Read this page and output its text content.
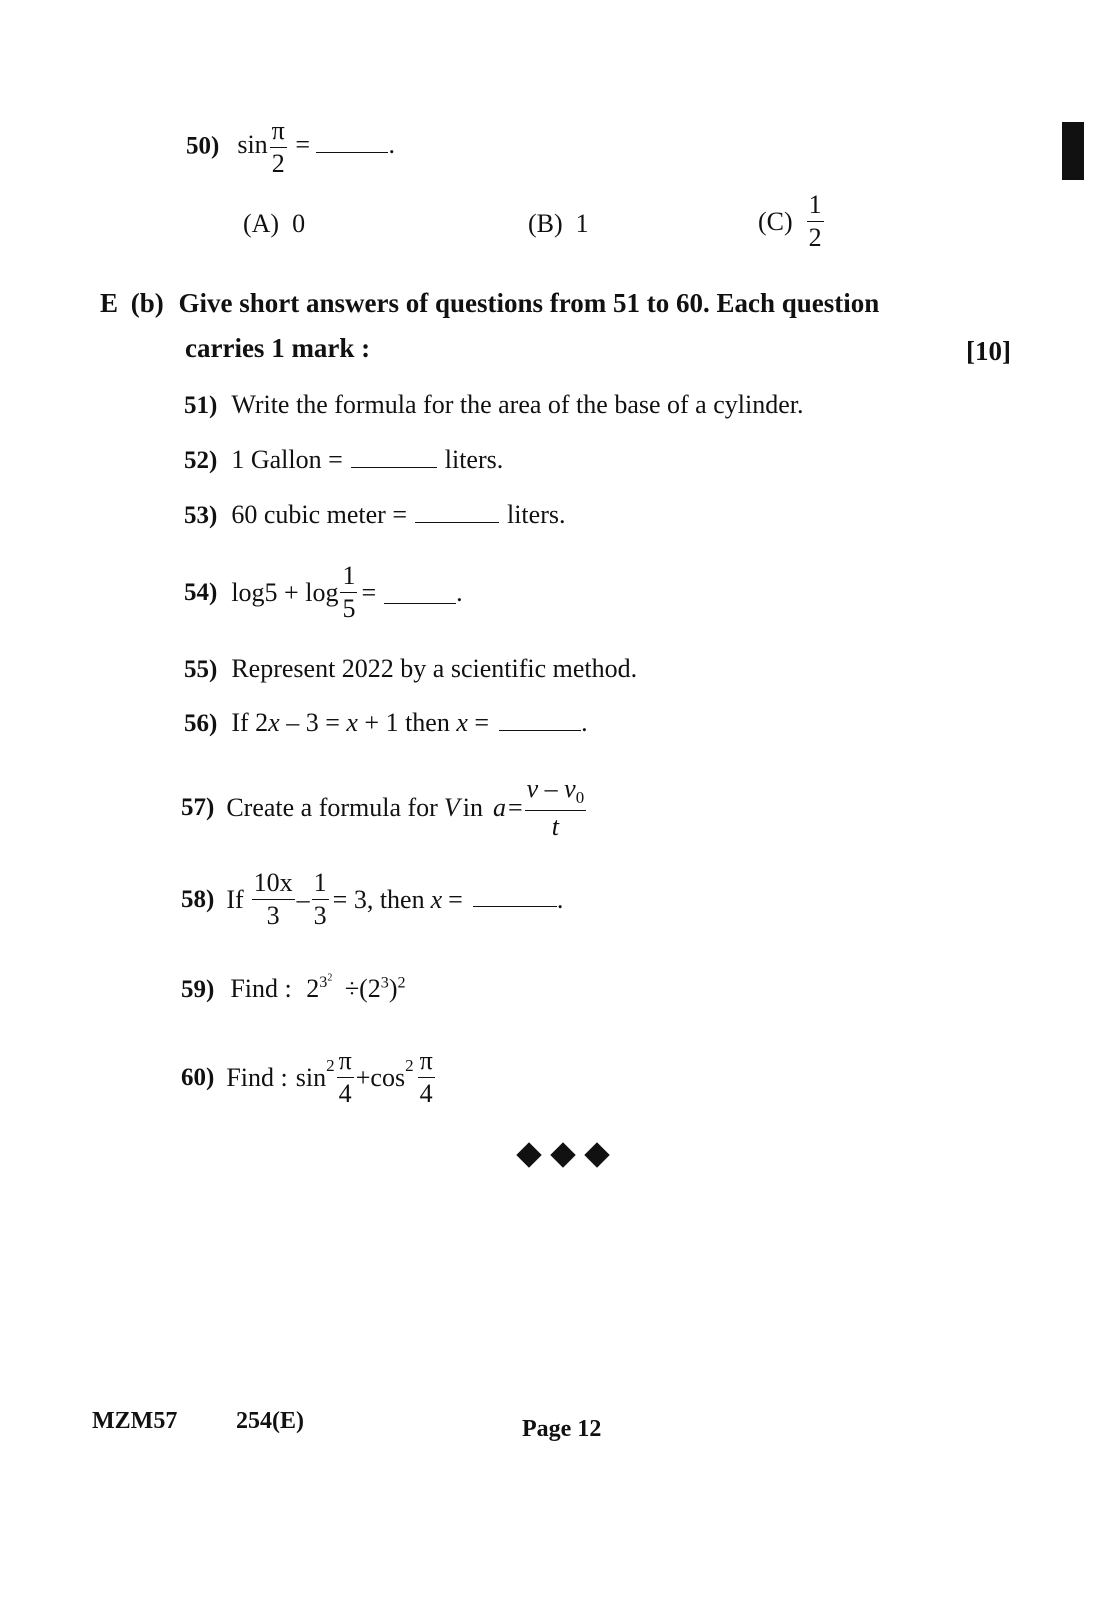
50) $\sin \frac{\pi}{2}$ =	.
(A) 0	(B) 1	$(C) \frac{1}{2}$
E (b) Give short answers of questions from 51 to 60. Each question
carries 1 mark :	[10]
51) Write the formula for the area of the base of a cylinder.
52) 1 Gallon =	liters.
53) 60 cubic meter =	liters.
54) $\log 5 + \log \frac{1}{5}$ =	.
55) Represent 2022 by a scientific method.
56) If 2x – 3 = x + 1 then x =	.
57) Create a formula for V in $a = \frac{v - v_0}{t}$
58) If $\frac{10x}{3} - \frac{1}{3} = 3$, then x =	.
59) Find : $2^{3^2} \div(2^3)^2$
60) Find : $\sin 2 \frac{\pi}{4} + \cos 2 \frac{\pi}{4}$
MZM57 254(E)	Page 12
